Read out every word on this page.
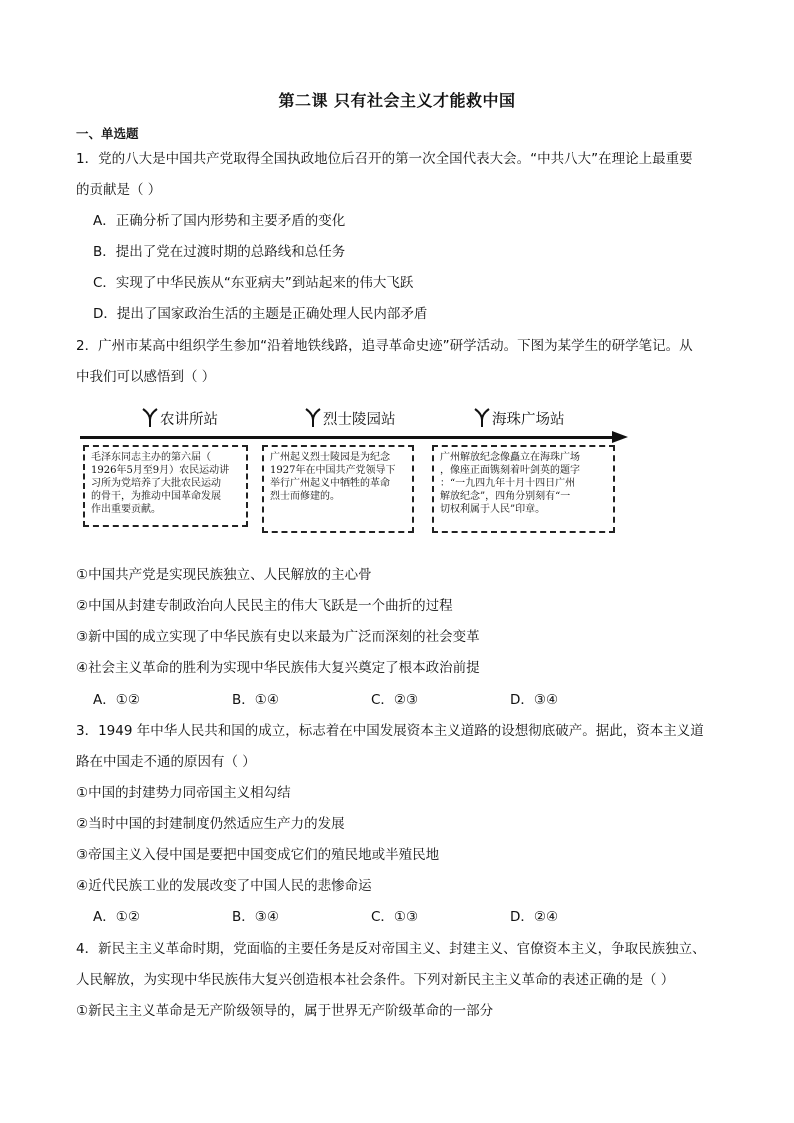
第二课 只有社会主义才能救中国
一、单选题
1．党的八大是中国共产党取得全国执政地位后召开的第一次全国代表大会。“中共八大”在理论上最重要
的贡献是（ ）
A．正确分析了国内形势和主要矛盾的变化
B．提出了党在过渡时期的总路线和总任务
C．实现了中华民族从“东亚病夫”到站起来的伟大飞跃
D．提出了国家政治生活的主题是正确处理人民内部矛盾
2．广州市某高中组织学生参加“沿着地铁线路，追寻革命史迹”研学活动。下图为某学生的研学笔记。从
中我们可以感悟到（ ）
农讲所站	烈士陵园站	海珠广场站
毛泽东同志主办的第六届（
1926年5月至9月）农民运动讲
习所为党培养了大批农民运动
的骨干，为推动中国革命发展
作出重要贡献。
广州起义烈士陵园是为纪念
1927年在中国共产党领导下
举行广州起义中牺牲的革命
烈士而修建的。
广州解放纪念像矗立在海珠广场
，像座正面镌刻着叶剑英的题字
：“一九四九年十月十四日广州
解放纪念”，四角分别刻有“一
切权利属于人民”印章。
①中国共产党是实现民族独立、人民解放的主心骨
②中国从封建专制政治向人民民主的伟大飞跃是一个曲折的过程
③新中国的成立实现了中华民族有史以来最为广泛而深刻的社会变革
④社会主义革命的胜利为实现中华民族伟大复兴奠定了根本政治前提
A．①②	B．①④	C．②③	D．③④
3．1949 年中华人民共和国的成立，标志着在中国发展资本主义道路的设想彻底破产。据此，资本主义道
路在中国走不通的原因有（ ）
①中国的封建势力同帝国主义相勾结
②当时中国的封建制度仍然适应生产力的发展
③帝国主义入侵中国是要把中国变成它们的殖民地或半殖民地
④近代民族工业的发展改变了中国人民的悲惨命运
A．①②	B．③④	C．①③	D．②④
4．新民主主义革命时期，党面临的主要任务是反对帝国主义、封建主义、官僚资本主义，争取民族独立、
人民解放，为实现中华民族伟大复兴创造根本社会条件。下列对新民主主义革命的表述正确的是（ ）
①新民主主义革命是无产阶级领导的，属于世界无产阶级革命的一部分
